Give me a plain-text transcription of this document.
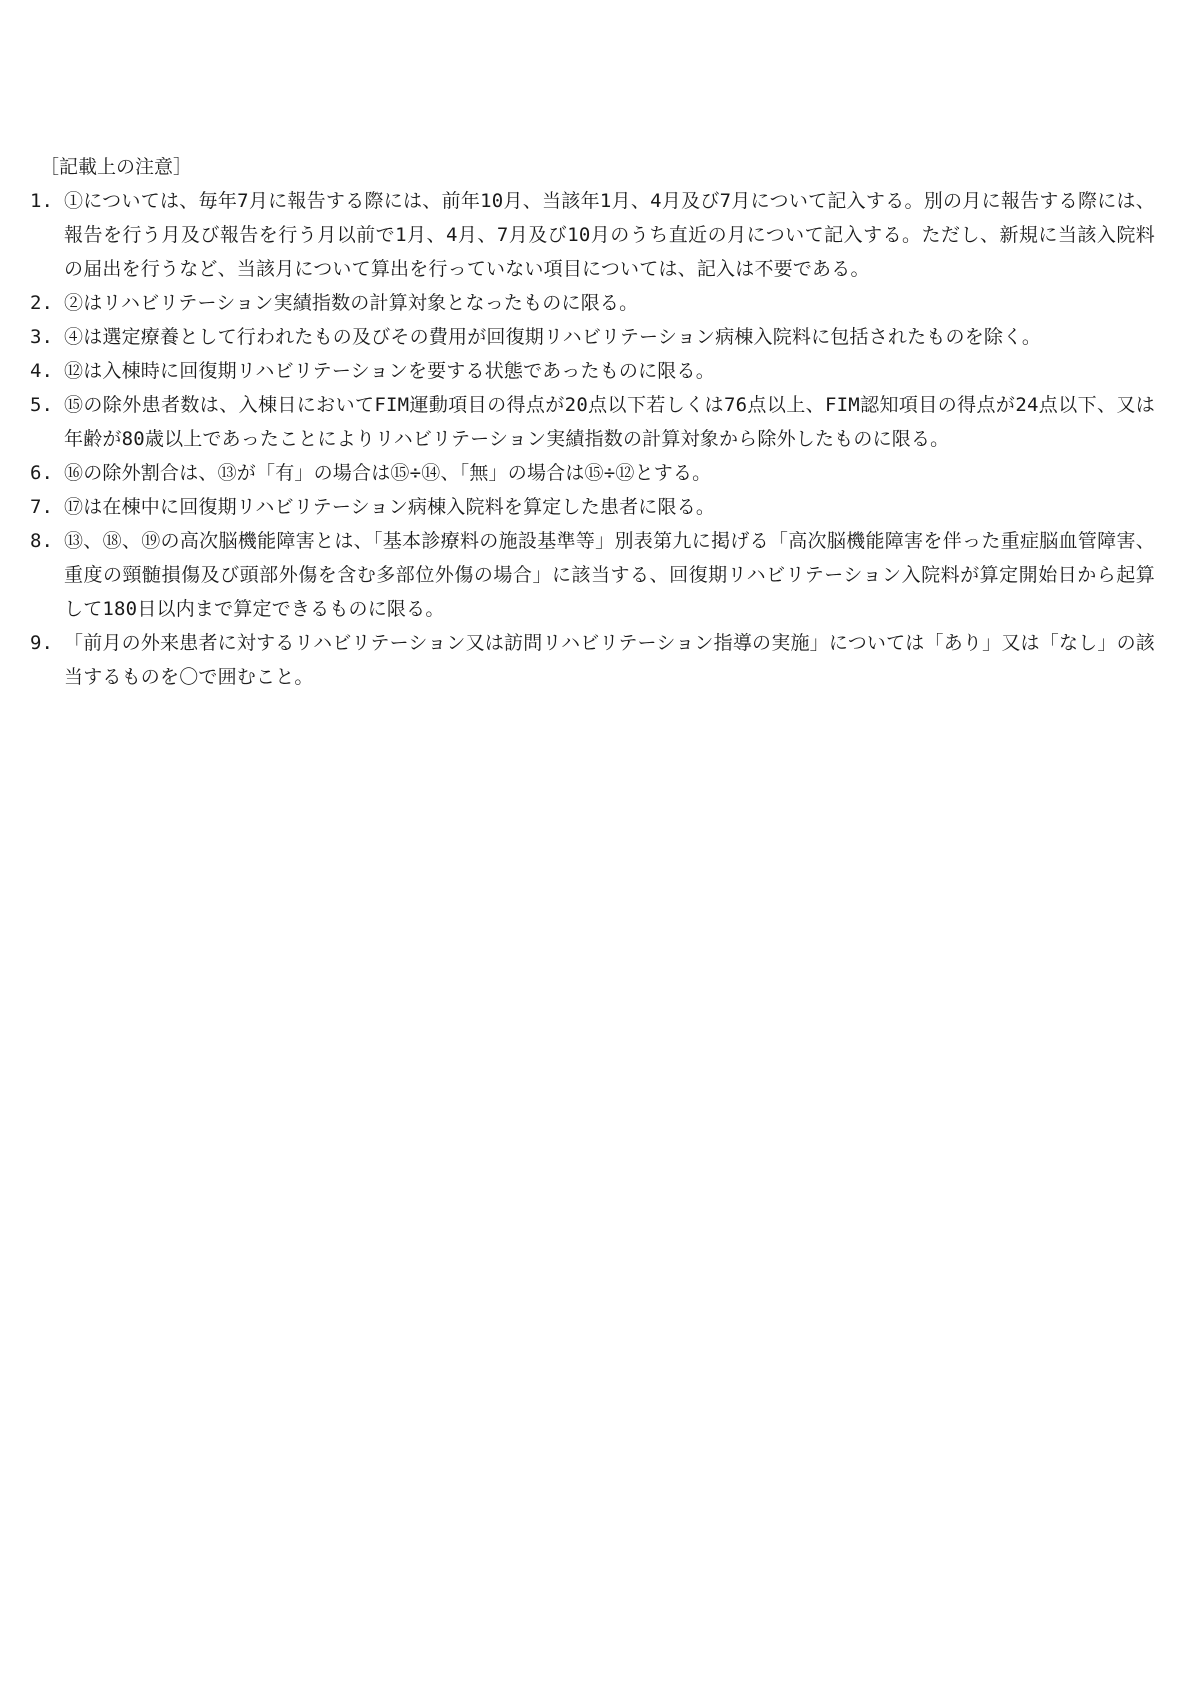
［記載上の注意］
1. ①については、毎年7月に報告する際には、前年10月、当該年1月、4月及び7月について記入する。別の月に報告する際には、報告を行う月及び報告を行う月以前で1月、4月、7月及び10月のうち直近の月について記入する。ただし、新規に当該入院料の届出を行うなど、当該月について算出を行っていない項目については、記入は不要である。
2. ②はリハビリテーション実績指数の計算対象となったものに限る。
3. ④は選定療養として行われたもの及びその費用が回復期リハビリテーション病棟入院料に包括されたものを除く。
4. ⑫は入棟時に回復期リハビリテーションを要する状態であったものに限る。
5. ⑮の除外患者数は、入棟日においてFIM運動項目の得点が20点以下若しくは76点以上、FIM認知項目の得点が24点以下、又は年齢が80歳以上であったことによりリハビリテーション実績指数の計算対象から除外したものに限る。
6. ⑯の除外割合は、⑬が「有」の場合は⑮÷⑭、「無」の場合は⑮÷⑫とする。
7. ⑰は在棟中に回復期リハビリテーション病棟入院料を算定した患者に限る。
8. ⑬、⑱、⑲の高次脳機能障害とは、「基本診療料の施設基準等」別表第九に掲げる「高次脳機能障害を伴った重症脳血管障害、重度の頸髄損傷及び頭部外傷を含む多部位外傷の場合」に該当する、回復期リハビリテーション入院料が算定開始日から起算して180日以内まで算定できるものに限る。
9. 「前月の外来患者に対するリハビリテーション又は訪問リハビリテーション指導の実施」については「あり」又は「なし」の該当するものを〇で囲むこと。
